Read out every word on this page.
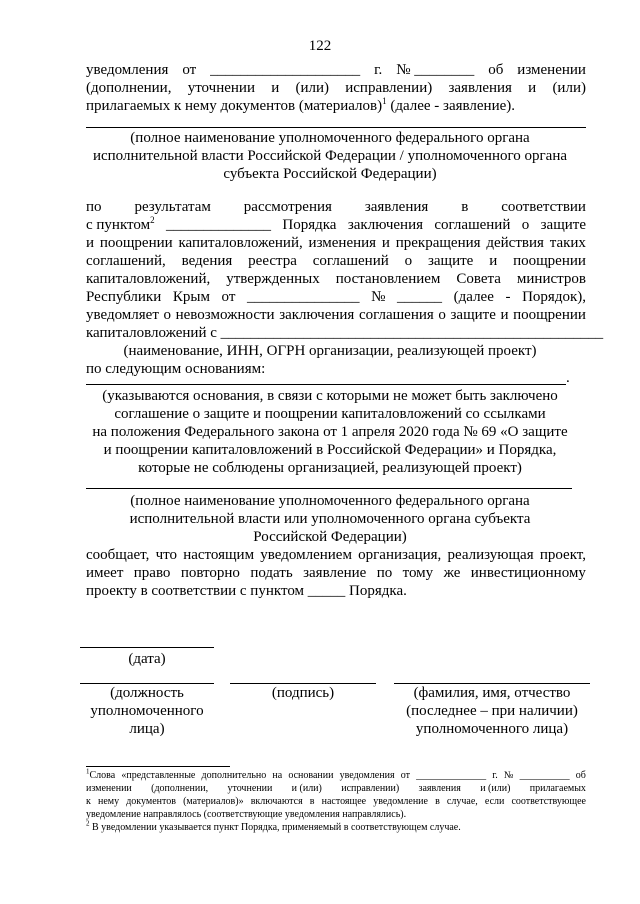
122
уведомления от ____________________ г. № ________ об изменении
(дополнении, уточнении и (или) исправлении) заявления и (или)
прилагаемых к нему документов (материалов)$^1$ (далее - заявление).
(полное наименование уполномоченного федерального органа
исполнительной власти Российской Федерации / уполномоченного органа
субъекта Российской Федерации)
по результатам рассмотрения заявления в соответствии
с пунктом$^2$ ______________ Порядка заключения соглашений о защите
и поощрении капиталовложений, изменения и прекращения действия таких
соглашений, ведения реестра соглашений о защите и поощрении
капиталовложений, утвержденных постановлением Совета министров
Республики Крым от _______________ № ______ (далее - Порядок),
уведомляет о невозможности заключения соглашения о защите и поощрении
капиталовложений с ___________________________________________________
(наименование, ИНН, ОГРН организации, реализующей проект)
по следующим основаниям:
.
(указываются основания, в связи с которыми не может быть заключено
соглашение о защите и поощрении капиталовложений со ссылками
на положения Федерального закона от 1 апреля 2020 года № 69 «О защите
и поощрении капиталовложений в Российской Федерации» и Порядка,
которые не соблюдены организацией, реализующей проект)
(полное наименование уполномоченного федерального органа
исполнительной власти или уполномоченного органа субъекта
Российской Федерации)
сообщает, что настоящим уведомлением организация, реализующая проект,
имеет право повторно подать заявление по тому же инвестиционному
проекту в соответствии с пунктом _____ Порядка.
(дата)
(должность
уполномоченного
лица)
(подпись)	(фамилия, имя, отчество
(последнее – при наличии)
уполномоченного лица)
$^1$Слова «представленные дополнительно на основании уведомления от ______________ г. № __________ об
изменении (дополнении, уточнении и (или) исправлении) заявления и (или) прилагаемых
к нему документов (материалов)» включаются в настоящее уведомление в случае, если соответствующее
уведомление направлялось (соответствующие уведомления направлялись).
$^2$ В уведомлении указывается пункт Порядка, применяемый в соответствующем случае.
